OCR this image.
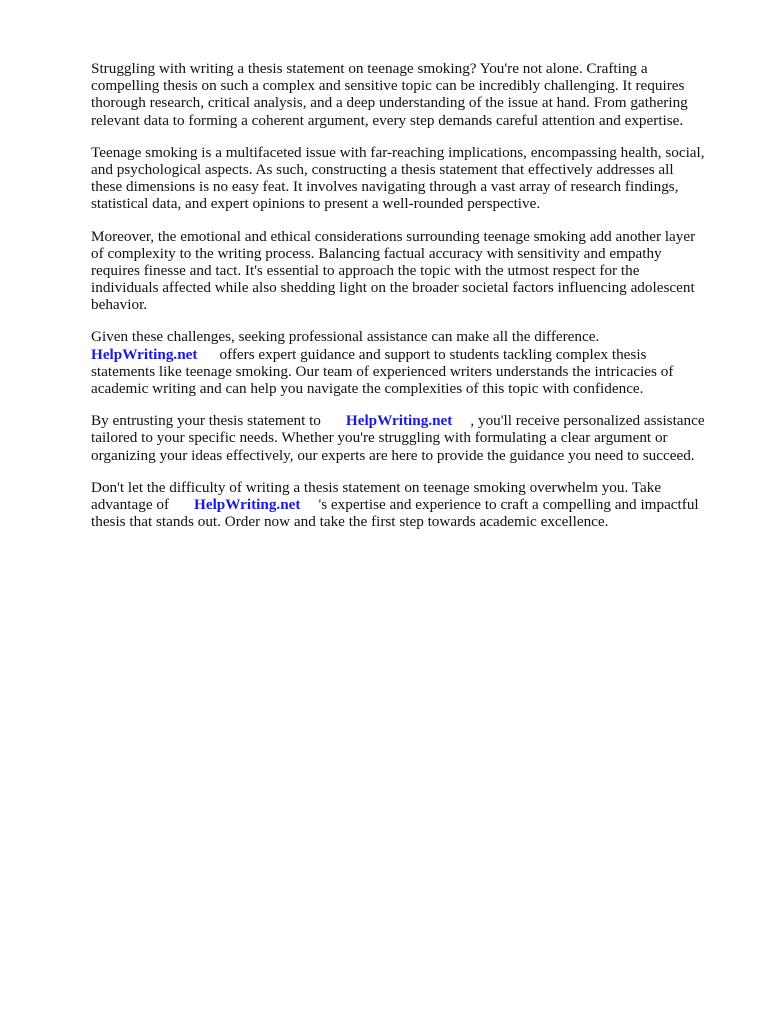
Struggling with writing a thesis statement on teenage smoking? You're not alone. Crafting a
compelling thesis on such a complex and sensitive topic can be incredibly challenging. It requires
thorough research, critical analysis, and a deep understanding of the issue at hand. From gathering
relevant data to forming a coherent argument, every step demands careful attention and expertise.
Teenage smoking is a multifaceted issue with far-reaching implications, encompassing health, social,
and psychological aspects. As such, constructing a thesis statement that effectively addresses all
these dimensions is no easy feat. It involves navigating through a vast array of research findings,
statistical data, and expert opinions to present a well-rounded perspective.
Moreover, the emotional and ethical considerations surrounding teenage smoking add another layer
of complexity to the writing process. Balancing factual accuracy with sensitivity and empathy
requires finesse and tact. It's essential to approach the topic with the utmost respect for the
individuals affected while also shedding light on the broader societal factors influencing adolescent
behavior.
Given these challenges, seeking professional assistance can make all the difference.
HelpWriting.net offers expert guidance and support to students tackling complex thesis
statements like teenage smoking. Our team of experienced writers understands the intricacies of
academic writing and can help you navigate the complexities of this topic with confidence.
By entrusting your thesis statement to HelpWriting.net , you'll receive personalized assistance
tailored to your specific needs. Whether you're struggling with formulating a clear argument or
organizing your ideas effectively, our experts are here to provide the guidance you need to succeed.
Don't let the difficulty of writing a thesis statement on teenage smoking overwhelm you. Take
advantage of HelpWriting.net 's expertise and experience to craft a compelling and impactful
thesis that stands out. Order now and take the first step towards academic excellence.
